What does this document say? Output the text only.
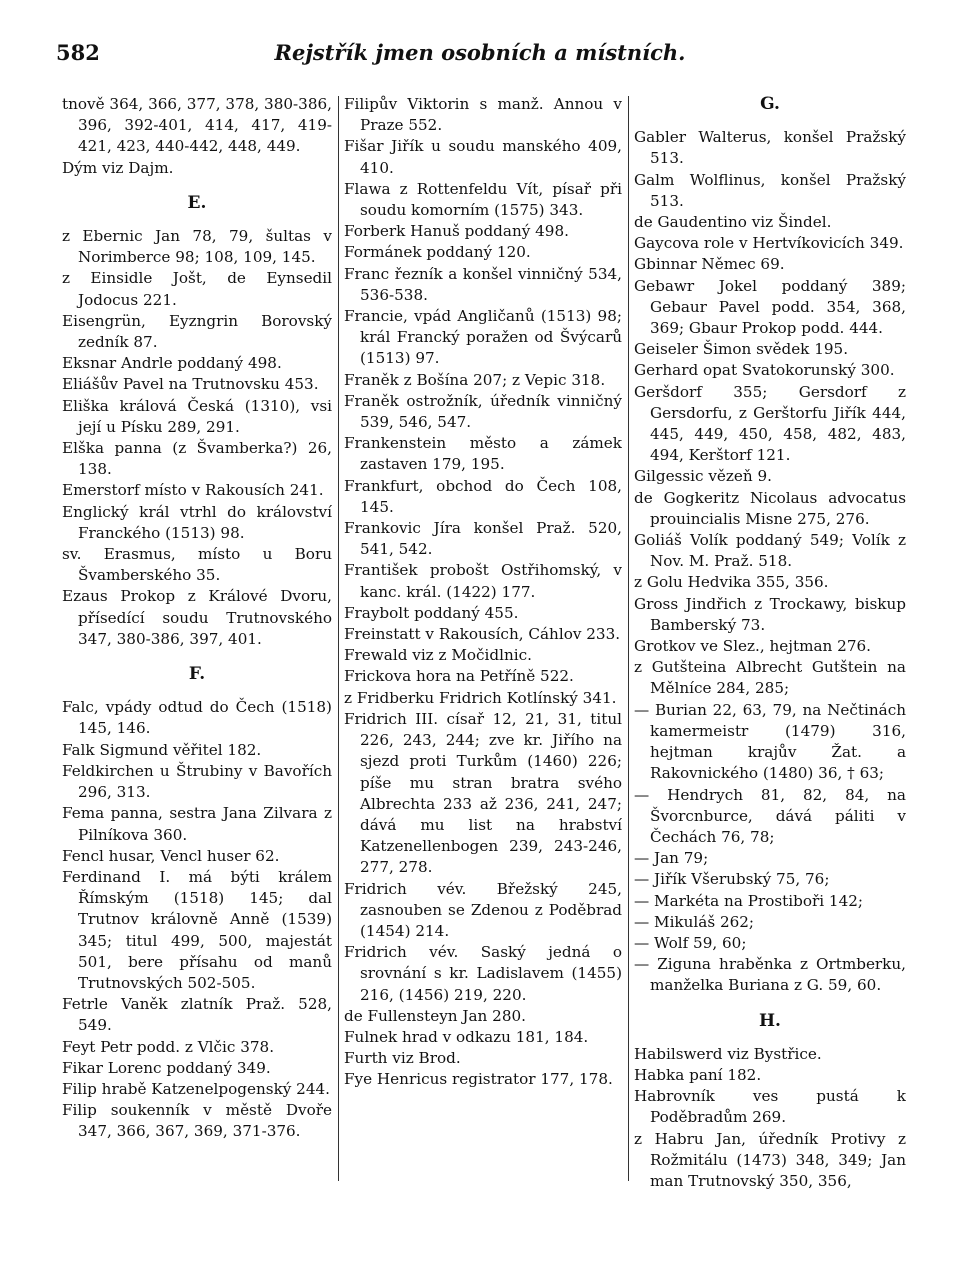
582	Rejstřík jmen osobních a místních.

tnově 364, 366, 377, 378, 380-386, 396, 392-401, 414, 417, 419-421, 423, 440-442, 448, 449.

Dým viz Dajm.

E.

z Ebernic Jan 78, 79, šultas v Norimberce 98; 108, 109, 145.

z Einsidle Jošt, de Eynsedil Jodocus 221.

Eisengrün, Eyzngrin Borovský zedník 87.

Eksnar Andrle poddaný 498.

Eliášův Pavel na Trutnovsku 453.

Eliška králová Česká (1310), vsi její u Písku 289, 291.

Elška panna (z Švamberka?) 26, 138.

Emerstorf místo v Rakousích 241.

Englický král vtrhl do království Franckého (1513) 98.

sv. Erasmus, místo u Boru Švamberského 35.

Ezaus Prokop z Králové Dvoru, přísedící soudu Trutnovského 347, 380-386, 397, 401.

F.

Falc, vpády odtud do Čech (1518) 145, 146.

Falk Sigmund věřitel 182.

Feldkirchen u Štrubiny v Bavořích 296, 313.

Fema panna, sestra Jana Zilvara z Pilníkova 360.

Fencl husar, Vencl huser 62.

Ferdinand I. má býti králem Římským (1518) 145; dal Trutnov královně Anně (1539) 345; titul 499, 500, majestát 501, bere přísahu od manů Trutnovských 502-505.

Fetrle Vaněk zlatník Praž. 528, 549.

Feyt Petr podd. z Vlčic 378.

Fikar Lorenc poddaný 349.

Filip hrabě Katzenelpogenský 244.

Filip soukenník v městě Dvoře 347, 366, 367, 369, 371-376.

Filipův Viktorin s manž. Annou v Praze 552.

Fišar Jiřík u soudu manského 409, 410.

Flawa z Rottenfeldu Vít, písař při soudu komorním (1575) 343.

Forberk Hanuš poddaný 498.

Formánek poddaný 120.

Franc řezník a konšel vinničný 534, 536-538.

Francie, vpád Angličanů (1513) 98; král Francký poražen od Švýcarů (1513) 97.

Franěk z Bošína 207; z Vepic 318.

Franěk ostrožník, úředník vinničný 539, 546, 547.

Frankenstein město a zámek zastaven 179, 195.

Frankfurt, obchod do Čech 108, 145.

Frankovic Jíra konšel Praž. 520, 541, 542.

František probošt Ostřihomský, v kanc. král. (1422) 177.

Fraybolt poddaný 455.

Freinstatt v Rakousích, Cáhlov 233.

Frewald viz z Močidlnic.

Frickova hora na Petříně 522.

z Fridberku Fridrich Kotlínský 341.

Fridrich III. císař 12, 21, 31, titul 226, 243, 244; zve kr. Jiřího na sjezd proti Turkům (1460) 226; píše mu stran bratra svého Albrechta 233 až 236, 241, 247; dává mu list na hrabství Katzenellenbogen 239, 243-246, 277, 278.

Fridrich vév. Břežský 245, zasnouben se Zdenou z Poděbrad (1454) 214.

Fridrich vév. Saský jedná o srovnání s kr. Ladislavem (1455) 216, (1456) 219, 220.

de Fullensteyn Jan 280.

Fulnek hrad v odkazu 181, 184.

Furth viz Brod.

Fye Henricus registrator 177, 178.

G.

Gabler Walterus, konšel Pražský 513.

Galm Wolflinus, konšel Pražský 513.

de Gaudentino viz Šindel.

Gaycova role v Hertvíkovicích 349.

Gbinnar Němec 69.

Gebawr Jokel poddaný 389; Gebaur Pavel podd. 354, 368, 369; Gbaur Prokop podd. 444.

Geiseler Šimon svědek 195.

Gerhard opat Svatokorunský 300.

Geršdorf 355; Gersdorf z Gersdorfu, z Gerštorfu Jiřík 444, 445, 449, 450, 458, 482, 483, 494, Kerštorf 121.

Gilgessic vězeň 9.

de Gogkeritz Nicolaus advocatus prouincialis Misne 275, 276.

Goliáš Volík poddaný 549; Volík z Nov. M. Praž. 518.

z Golu Hedvika 355, 356.

Gross Jindřich z Trockawy, biskup Bamberský 73.

Grotkov ve Slez., hejtman 276.

z Gutšteina Albrecht Gutštein na Mělníce 284, 285;

— Burian 22, 63, 79, na Nečtinách kamermeistr (1479) 316, hejtman krajův Žat. a Rakovnického (1480) 36, † 63;

— Hendrych 81, 82, 84, na Švorcnburce, dává páliti v Čechách 76, 78;

— Jan 79;

— Jiřík Všerubský 75, 76;

— Markéta na Prostiboři 142;

— Mikuláš 262;

— Wolf 59, 60;

— Ziguna hraběnka z Ortmberku, manželka Buriana z G. 59, 60.

H.

Habilswerd viz Bystřice.

Habka paní 182.

Habrovník ves pustá k Poděbradům 269.

z Habru Jan, úředník Protivy z Rožmitálu (1473) 348, 349; Jan man Trutnovský 350, 356,
